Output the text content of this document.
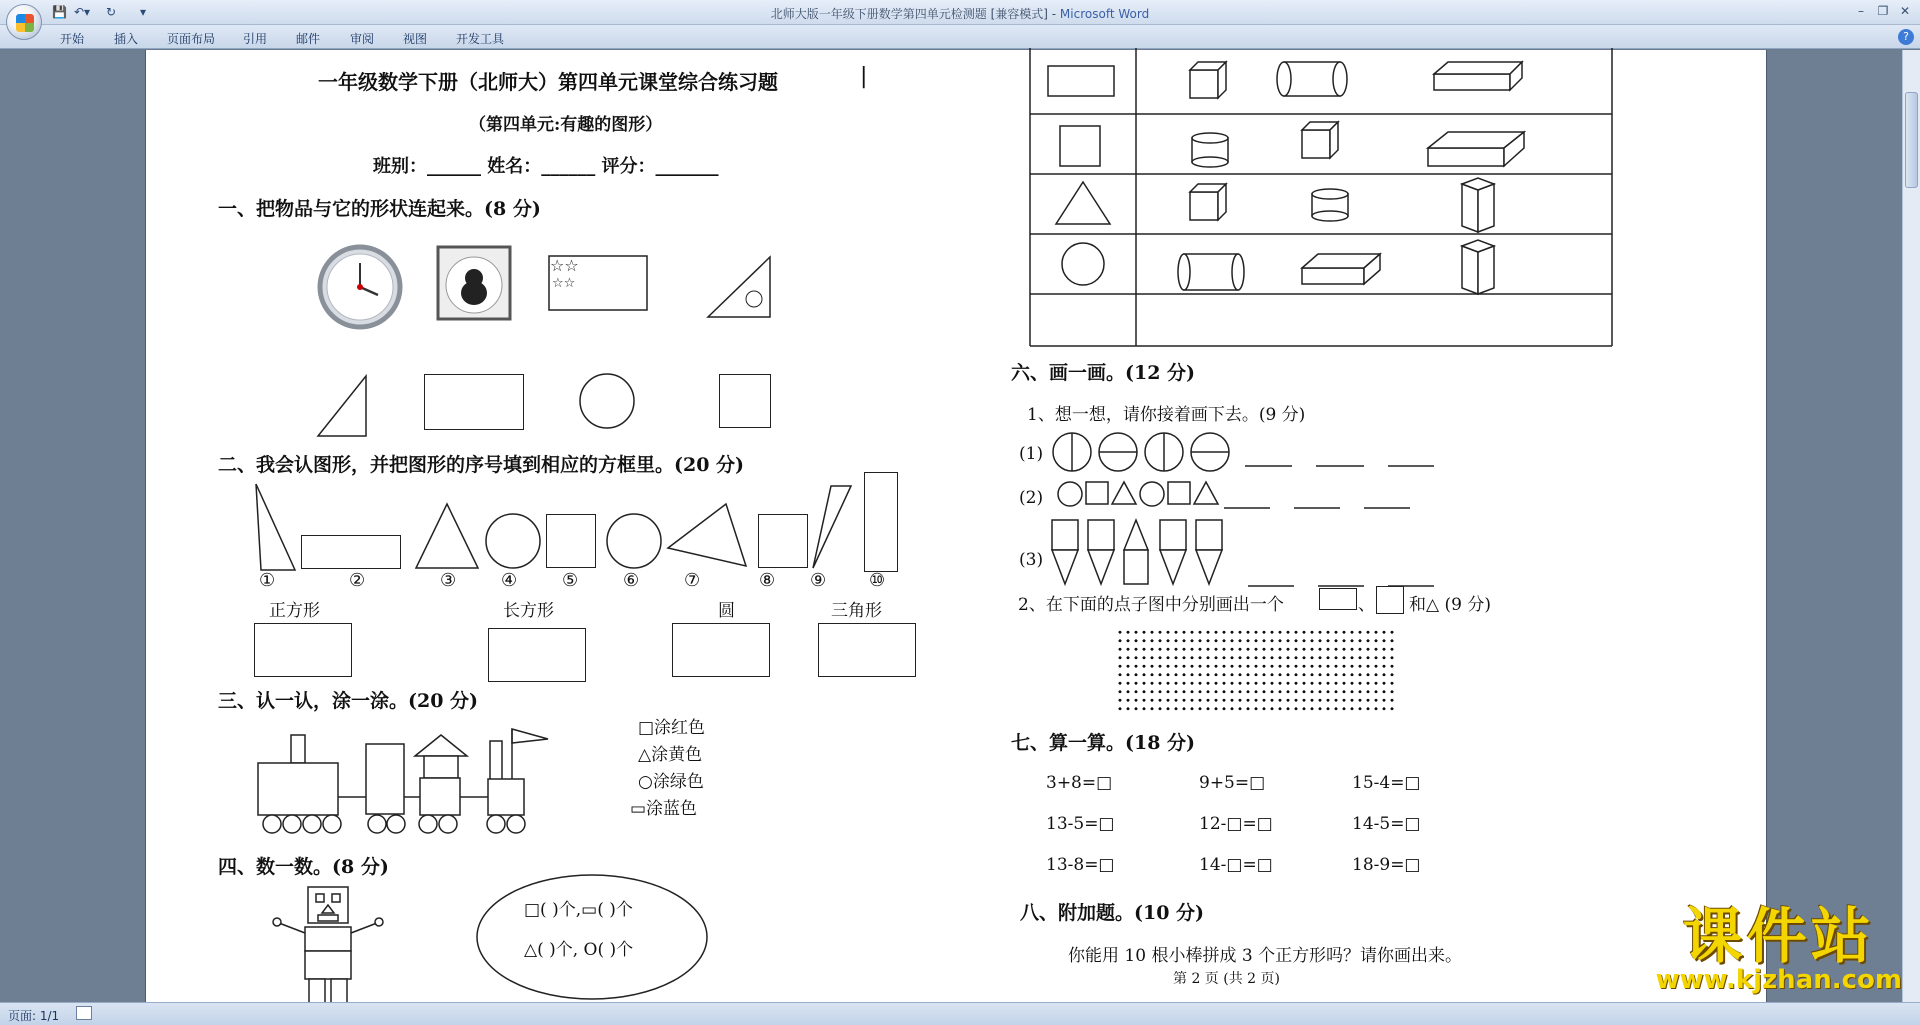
💾 ↶▾ ↻ ▾	北师大版一年级下册数学第四单元检测题 [兼容模式] - Microsoft Word	–	❐ ✕
开始 插入 页面布局 引用 邮件 审阅 视图 开发工具	?
一年级数学下册（北师大）第四单元课堂综合练习题	|
（第四单元:有趣的图形）
班别：______ 姓名：______ 评分：_______
一、把物品与它的形状连起来。(8 分)
☆☆
☆☆
二、我会认图形，并把图形的序号填到相应的方框里。(20 分)
①	②	③ ④ ⑤ ⑥ ⑦	⑧ ⑨ ⑩
正方形	长方形	圆	三角形
三、认一认，涂一涂。(20 分)
□涂红色
△涂黄色
○涂绿色
▭涂蓝色
四、数一数。(8 分)
□( )个,▭( )个
△( )个, O( )个
六、画一画。(12 分)
1、想一想，请你接着画下去。(9 分)
(1)
(2)
(3)
2、在下面的点子图中分别画出一个	、 和△ (9 分)
七、算一算。(18 分)
3+8=□	9+5=□	15-4=□
13-5=□	12-□=□	14-5=□
13-8=□	14-□=□	18-9=□
八、附加题。(10 分)
你能用 10 根小棒拼成 3 个正方形吗？请你画出来。
第 2 页 (共 2 页)
页面: 1/1
课件站
www.kjzhan.com
